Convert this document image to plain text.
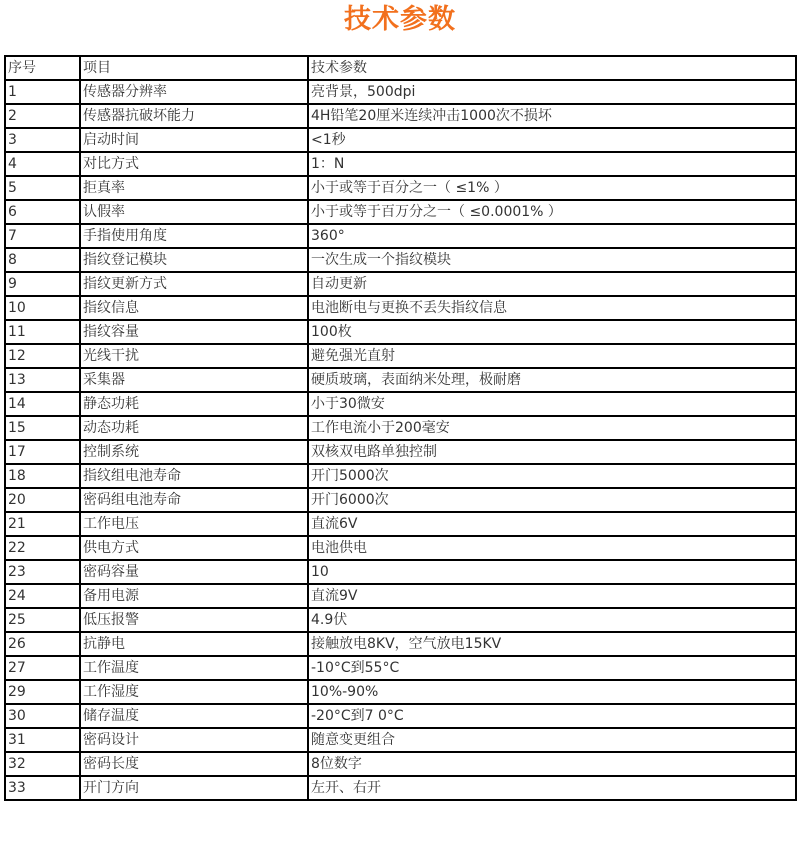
技术参数
序号	项目	技术参数
1	传感器分辨率	亮背景，500dpi
2	传感器抗破坏能力	4H铅笔20厘米连续冲击1000次不损坏
3	启动时间	<1秒
4	对比方式	1：N
5	拒真率	小于或等于百分之一（ ≤1% ）
6	认假率	小于或等于百万分之一（ ≤0.0001% ）
7	手指使用角度	360°
8	指纹登记模块	一次生成一个指纹模块
9	指纹更新方式	自动更新
10	指纹信息	电池断电与更换不丢失指纹信息
11	指纹容量	100枚
12	光线干扰	避免强光直射
13	采集器	硬质玻璃，表面纳米处理，极耐磨
14	静态功耗	小于30微安
15	动态功耗	工作电流小于200毫安
17	控制系统	双核双电路单独控制
18	指纹组电池寿命	开门5000次
20	密码组电池寿命	开门6000次
21	工作电压	直流6V
22	供电方式	电池供电
23	密码容量	10
24	备用电源	直流9V
25	低压报警	4.9伏
26	抗静电	接触放电8KV，空气放电15KV
27	工作温度	-10°C到55°C
29	工作湿度	10%-90%
30	储存温度	-20°C到7 0°C
31	密码设计	随意变更组合
32	密码长度	8位数字
33	开门方向	左开、右开
